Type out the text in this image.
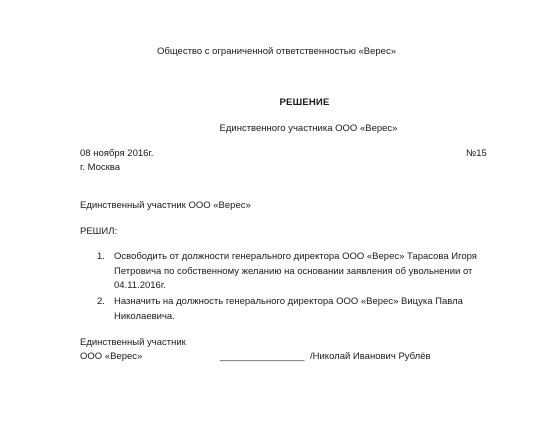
Общество с ограниченной ответственностью «Верес»
РЕШЕНИЕ
Единственного участника ООО «Верес»
08 ноября 2016г.	№15
г. Москва
Единственный участник ООО «Верес»
РЕШИЛ:
1. Освободить от должности генерального директора ООО «Верес» Тарасова Игоря
Петровича по собственному желанию на основании заявления об увольнении от
04.11.2016г.
2. Назначить на должность генерального директора ООО «Верес» Вицука Павла
Николаевича.
Единственный участник
ООО «Верес»	________________ /Николай Иванович Рублёв
